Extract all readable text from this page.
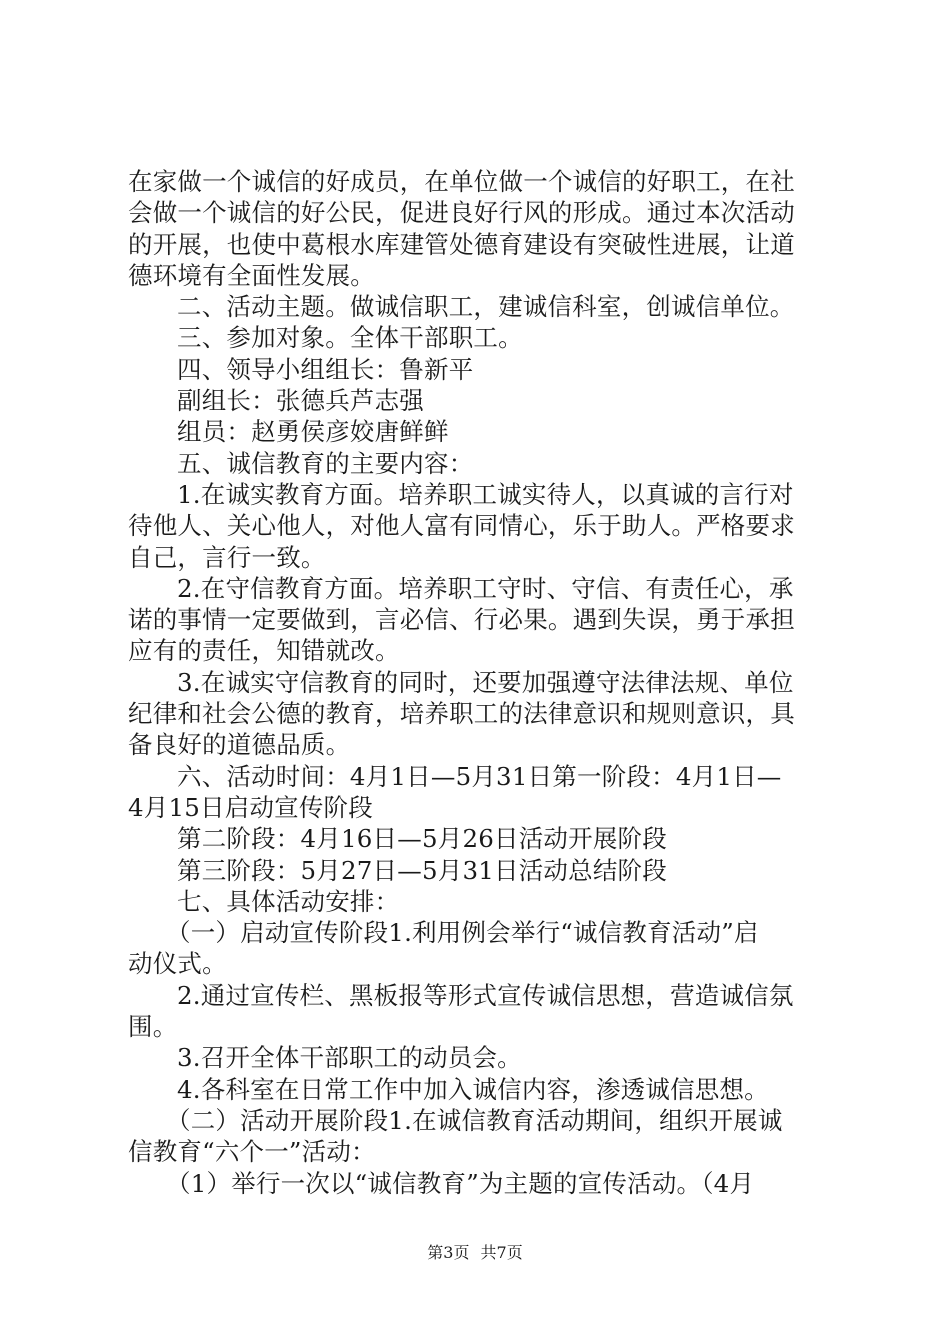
在家做一个诚信的好成员，在单位做一个诚信的好职工，在社
会做一个诚信的好公民，促进良好行风的形成。通过本次活动
的开展，也使中葛根水库建管处德育建设有突破性进展，让道
德环境有全面性发展。
二、活动主题。做诚信职工，建诚信科室，创诚信单位。
三、参加对象。全体干部职工。
四、领导小组组长：鲁新平
副组长：张德兵芦志强
组员：赵勇侯彦姣唐鲜鲜
五、诚信教育的主要内容：
1.在诚实教育方面。培养职工诚实待人，以真诚的言行对
待他人、关心他人，对他人富有同情心，乐于助人。严格要求
自己，言行一致。
2.在守信教育方面。培养职工守时、守信、有责任心，承
诺的事情一定要做到，言必信、行必果。遇到失误，勇于承担
应有的责任，知错就改。
3.在诚实守信教育的同时，还要加强遵守法律法规、单位
纪律和社会公德的教育，培养职工的法律意识和规则意识，具
备良好的道德品质。
六、活动时间：4月1日—5月31日第一阶段：4月1日—
4月15日启动宣传阶段
第二阶段：4月16日—5月26日活动开展阶段
第三阶段：5月27日—5月31日活动总结阶段
七、具体活动安排：
（一）启动宣传阶段1.利用例会举行“诚信教育活动”启
动仪式。
2.通过宣传栏、黑板报等形式宣传诚信思想，营造诚信氛
围。
3.召开全体干部职工的动员会。
4.各科室在日常工作中加入诚信内容，渗透诚信思想。
（二）活动开展阶段1.在诚信教育活动期间，组织开展诚
信教育“六个一”活动：
（1）举行一次以“诚信教育”为主题的宣传活动。（4月
第3页 共7页
